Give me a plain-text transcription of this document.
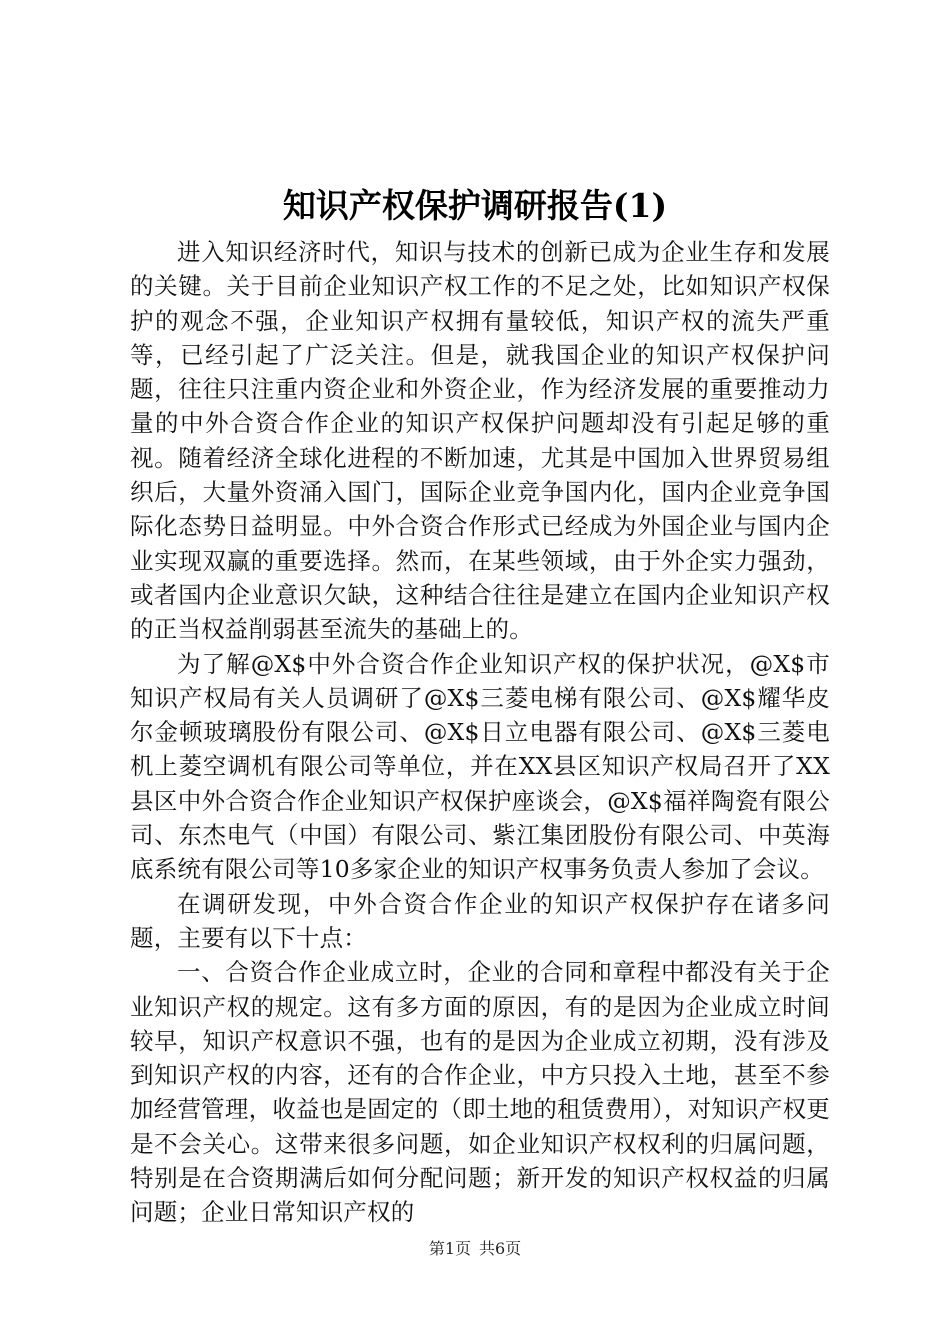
知识产权保护调研报告(1)

进入知识经济时代，知识与技术的创新已成为企业生存和发展的关键。关于目前企业知识产权工作的不足之处，比如知识产权保护的观念不强，企业知识产权拥有量较低，知识产权的流失严重等，已经引起了广泛关注。但是，就我国企业的知识产权保护问题，往往只注重内资企业和外资企业，作为经济发展的重要推动力量的中外合资合作企业的知识产权保护问题却没有引起足够的重视。随着经济全球化进程的不断加速，尤其是中国加入世界贸易组织后，大量外资涌入国门，国际企业竞争国内化，国内企业竞争国际化态势日益明显。中外合资合作形式已经成为外国企业与国内企业实现双赢的重要选择。然而，在某些领域，由于外企实力强劲，或者国内企业意识欠缺，这种结合往往是建立在国内企业知识产权的正当权益削弱甚至流失的基础上的。

为了解@X$中外合资合作企业知识产权的保护状况，@X$市知识产权局有关人员调研了@X$三菱电梯有限公司、@X$耀华皮尔金顿玻璃股份有限公司、@X$日立电器有限公司、@X$三菱电机上菱空调机有限公司等单位，并在XX县区知识产权局召开了XX县区中外合资合作企业知识产权保护座谈会，@X$福祥陶瓷有限公司、东杰电气（中国）有限公司、紫江集团股份有限公司、中英海底系统有限公司等10多家企业的知识产权事务负责人参加了会议。

在调研发现，中外合资合作企业的知识产权保护存在诸多问题，主要有以下十点：

一、合资合作企业成立时，企业的合同和章程中都没有关于企业知识产权的规定。这有多方面的原因，有的是因为企业成立时间较早，知识产权意识不强，也有的是因为企业成立初期，没有涉及到知识产权的内容，还有的合作企业，中方只投入土地，甚至不参加经营管理，收益也是固定的（即土地的租赁费用），对知识产权更是不会关心。这带来很多问题，如企业知识产权权利的归属问题，特别是在合资期满后如何分配问题；新开发的知识产权权益的归属问题；企业日常知识产权的

第1页 共6页
